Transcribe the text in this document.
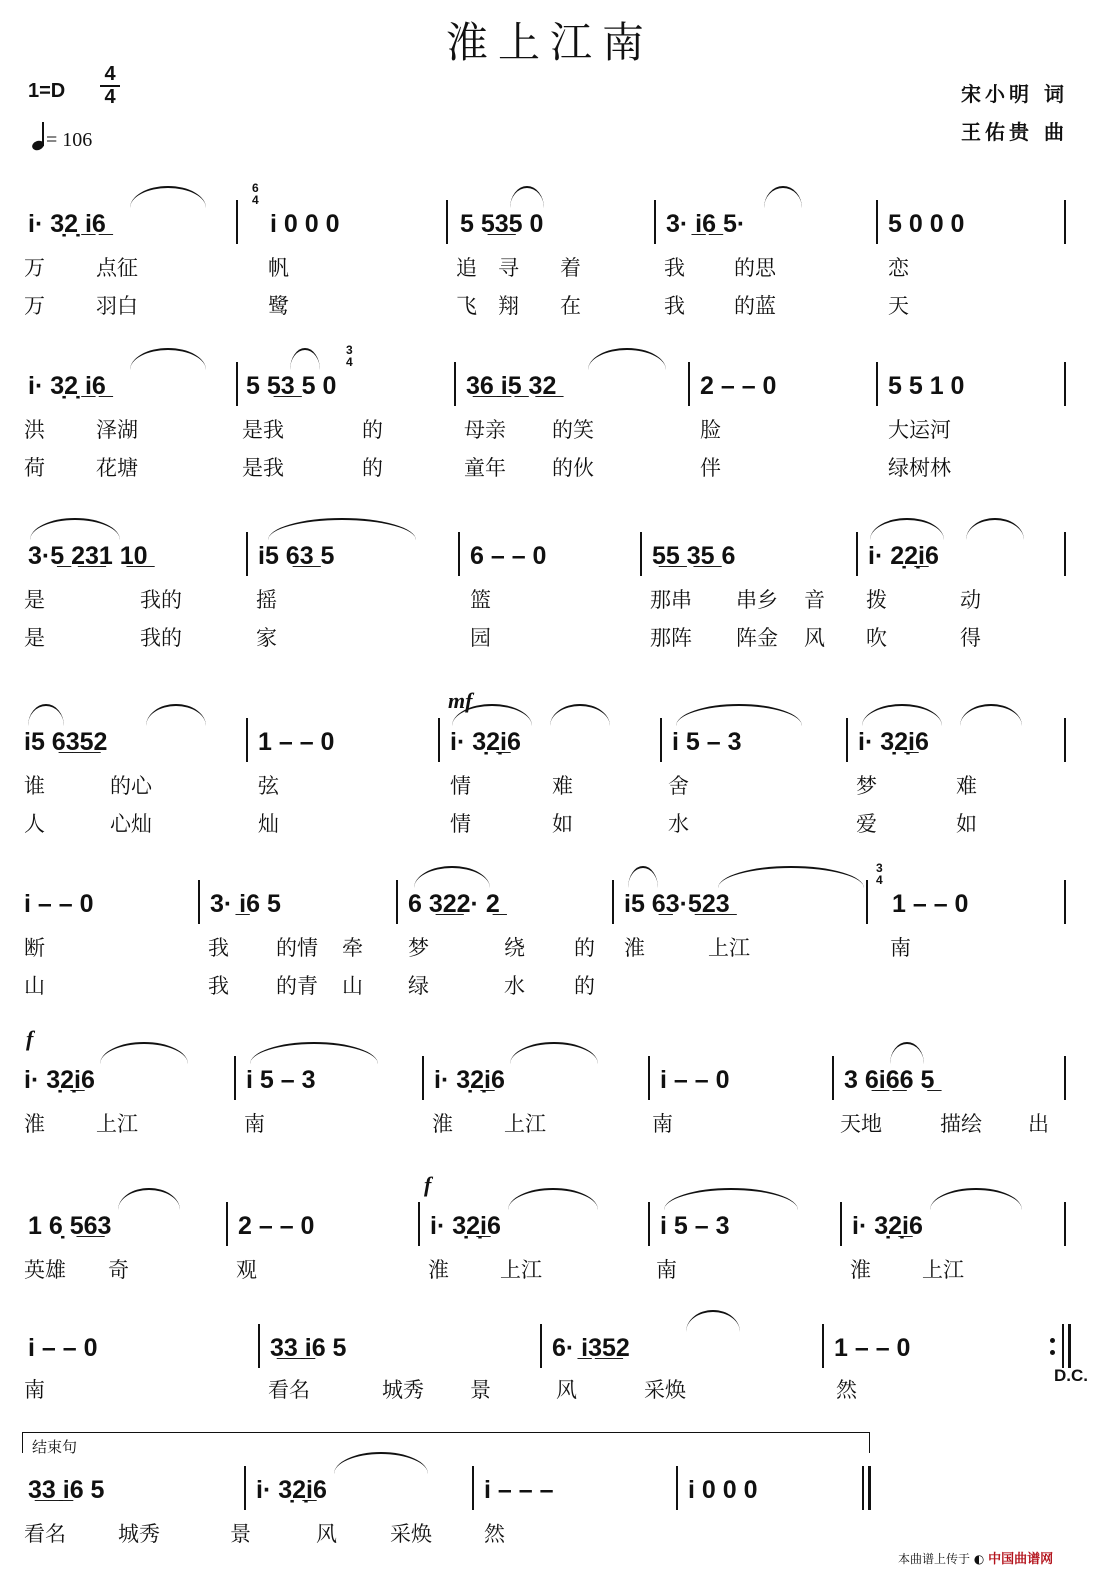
淮上江南
1=D
4
4
= 106
宋小明 词
王佑贵 曲
i· 3̣2̣ i̲6̲
6
4
i 0 0 0	5 5̲3̲5 0	3· i̲6̲ 5·	5 0 0 0
万 点征	帆	追 寻 着	我 的思	恋
万 羽白	鹭	飞 翔 在	我 的蓝	天
i· 3̣2̣ i̲6̲	5 5̲3̲ 5 0
3
4
3̲6̲ i̲5̲ 3̲2̲	2 – – 0	5 5 1 0
洪 泽湖	是我	的	母亲 的笑	脸	大运河
荷 花塘	是我	的	童年 的伙	伴	绿树林
3·5̲ 2̲3̲1 1̲0̲	i5 6̲3̲ 5	6 – – 0	5̲5̲ 3̲5̲ 6	i· 2̣2̣i̲6
是	我的	摇	篮	那串 串乡 音 拨	动
是	我的	家	园	那阵 阵金 风 吹	得
i5 6̲3̲5̲2	1 – – 0
mf
i· 3̣2̣i̲6	i 5 – 3	i· 3̣2̣i̲6
谁	的心	弦	情	难	舍	梦	难
人	心灿	灿	情	如	水	爱	如
i – – 0	3· i̲6 5	6 3̲2̲2· 2̲	i5 6̲3·5̲2̲3̲
3
4
1 – – 0
断	我 的情 牵 梦	绕 的 淮	上江	南
山	我 的青 山 绿	水 的
f
i· 3̣2̣i̲6	i 5 – 3	i· 3̣2̣i̲6	i – – 0	3 6̲i̲6̲6 5̲
淮 上江	南	淮 上江	南	天地	描绘 出
1 6̣ 5̲6̲3	2 – – 0
f
i· 3̣2̣i̲6	i 5 – 3	i· 3̣2̣i̲6
英雄 奇	观	淮 上江	南	淮 上江
i – – 0	3̲3̲ i̲6 5	6· i̲3̲5̲2	1 – – 0
南	看名	城秀 景	风	采焕	然
D.C.
结束句
3̲3̲ i̲6 5	i· 3̣2̣i̲6	i – – –	i 0 0 0
看名 城秀	景	风	采焕 然
本曲谱上传于 ◐ 中国曲谱网
